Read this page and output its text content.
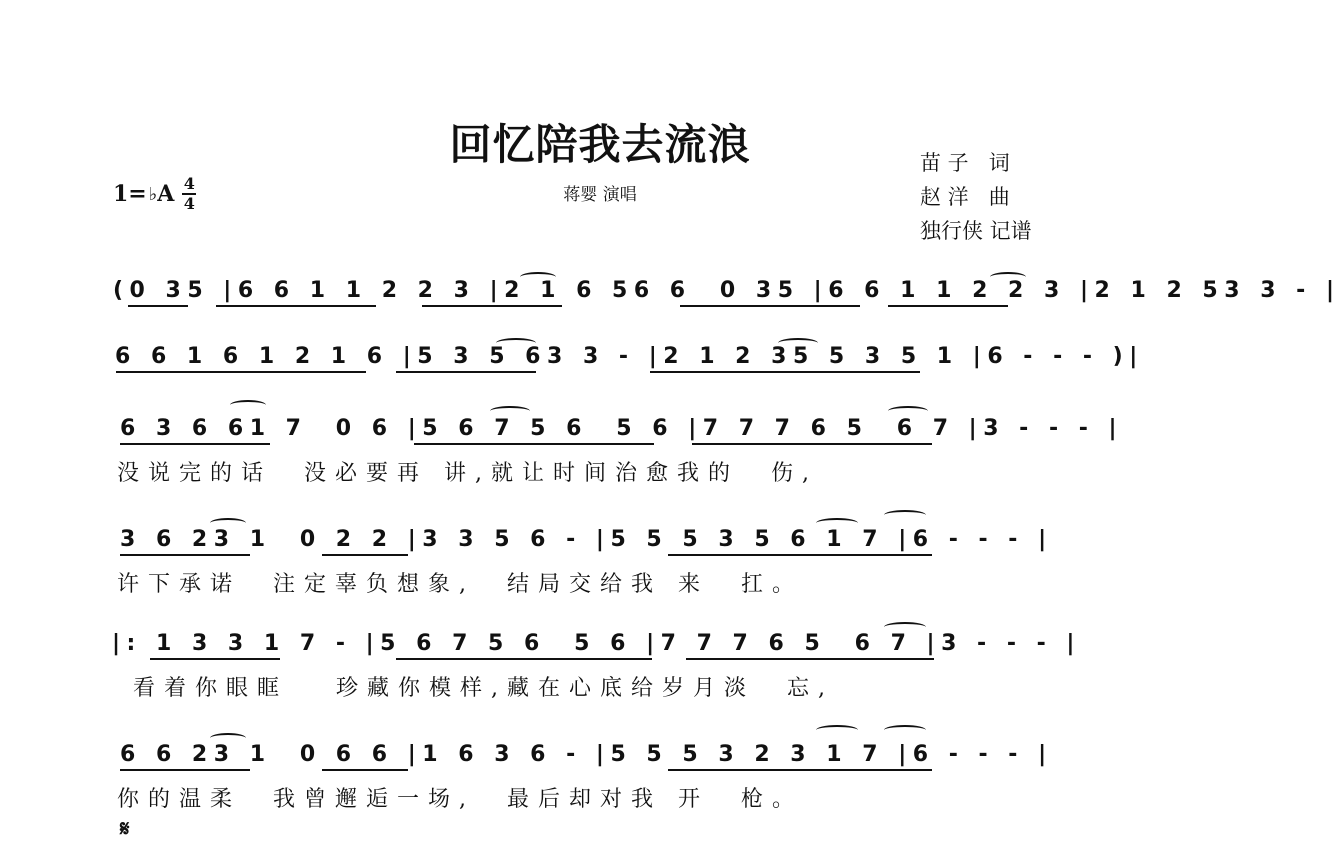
回忆陪我去流浪
蒋婴 演唱
1= ♭ A $\frac{4}{4}$
苗 子   词
赵 洋   曲
独行侠 记谱
(0 35 |6 6 1 1 2 2 3 |2 1 6 56 6  0 35 |6 6 1 1 2 2 3 |2 1 2 53 3 - |
6 6 1 6 1 2 1 6 |5 3 5 63 3 - |2 1 2 35 5 3 5 1 |6 - - - )|
6 3 6 61 7  0 6 |5 6 7 5 6  5 6 |7 7 7 6 5  6 7 |3 - - - |
没说完的话  没必要再 讲,就让时间治愈我的  伤,
3 6 23 1  0 2 2 |3 3 5 6 - |5 5 5 3 5 6 1 7 |6 - - - |
许下承诺  注定辜负想象,  结局交给我 来  扛。
|: 1 3 3 1 7 - |5 6 7 5 6  5 6 |7 7 7 6 5  6 7 |3 - - - |
看着你眼眶   珍藏你模样,藏在心底给岁月淡  忘,
6 6 23 1  0 6 6 |1 6 3 6 - |5 5 5 3 2 3 1 7 |6 - - - |
你的温柔  我曾邂逅一场,  最后却对我 开  枪。
𝄋
